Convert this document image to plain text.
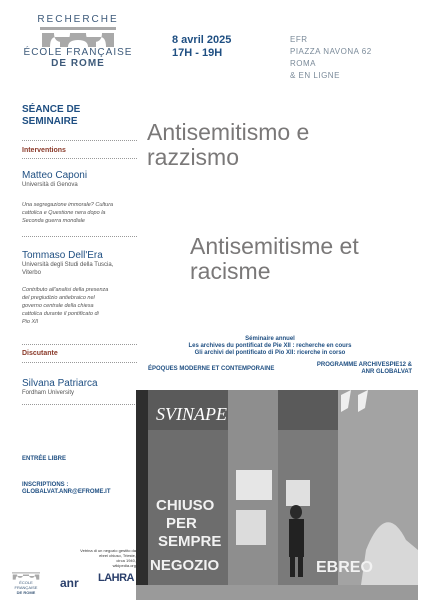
RECHERCHE
ÉCOLE FRANÇAISE
DE ROME
8 avril 2025
17H - 19H
EFR
PIAZZA NAVONA 62
ROMA
& EN LIGNE
SÉANCE DE
SEMINAIRE
Interventions
Matteo Caponi
Università di Genova
Una segregazione immorale? Cultura
cattolica e Questione nera dopo la
Seconda guerra mondiale
Tommaso Dell'Era
Università degli Studi della Tuscia,
Viterbo
Contributo all'analisi della presenza
del pregiudizio antiebraico nel
governo centrale della chiesa
cattolica durante il pontificato di
Pio XII
Discutante
Silvana Patriarca
Fordham University
ENTRÉE LIBRE
INSCRIPTIONS :
GLOBALVAT.ANR@EFROME.IT
Antisemitismo e
razzismo
Antisemitisme et
racisme
Séminaire annuel
Les archives du pontificat de Pie XII : recherche en cours
Gli archivi del pontificato di Pio XII: ricerche in corso
ÉPOQUES MODERNE ET CONTEMPORAINE
PROGRAMME ARCHIVESPIE12 &
ANR GLOBALVAT
SVINAPE
CHIUSO
PER
SEMPRE
NEGOZIO	EBREO
Vetrina di un negozio gestito da ebrei chiuso, Trieste,
circa 1940,
wikipedia.org
ÉCOLE FRANÇAISE
DE ROME
anr LAHRA
